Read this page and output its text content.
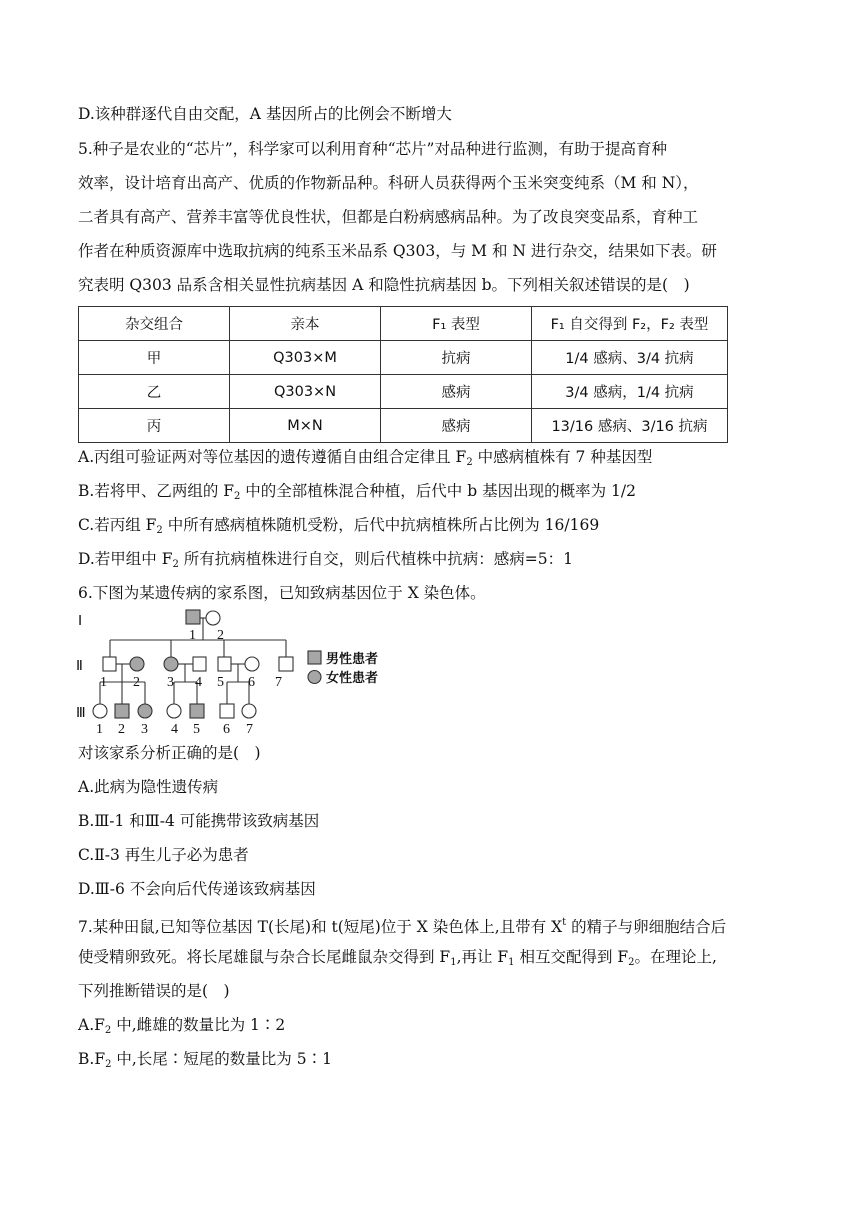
D.该种群逐代自由交配，A 基因所占的比例会不断增大
5.种子是农业的“芯片”，科学家可以利用育种“芯片”对品种进行监测，有助于提高育种
效率，设计培育出高产、优质的作物新品种。科研人员获得两个玉米突变纯系（M 和 N），
二者具有高产、营养丰富等优良性状，但都是白粉病感病品种。为了改良突变品系，育种工
作者在种质资源库中选取抗病的纯系玉米品系 Q303，与 M 和 N 进行杂交，结果如下表。研
究表明 Q303 品系含相关显性抗病基因 A 和隐性抗病基因 b。下列相关叙述错误的是(　)
杂交组合	亲本	F₁ 表型	F₁ 自交得到 F₂，F₂ 表型
甲	Q303×M	抗病	1/4 感病、3/4 抗病
乙	Q303×N	感病	3/4 感病，1/4 抗病
丙	M×N	感病	13/16 感病、3/16 抗病
A.丙组可验证两对等位基因的遗传遵循自由组合定律且 $F_2$ 中感病植株有 7 种基因型
B.若将甲、乙两组的 $F_2$ 中的全部植株混合种植，后代中 b 基因出现的概率为 1/2
C.若丙组 $F_2$ 中所有感病植株随机受粉，后代中抗病植株所占比例为 16/169
D.若甲组中 $F_2$ 所有抗病植株进行自交，则后代植株中抗病：感病=5：1
6.下图为某遗传病的家系图，已知致病基因位于 X 染色体。
Ⅰ
Ⅱ
Ⅲ
1 2
1 2 3 4 5 6 7
1 2 3 4 5 6 7
男性患者
女性患者
对该家系分析正确的是(　)
A.此病为隐性遗传病
B.Ⅲ-1 和Ⅲ-4 可能携带该致病基因
C.Ⅱ-3 再生儿子必为患者
D.Ⅲ-6 不会向后代传递该致病基因
7.某种田鼠,已知等位基因 T(长尾)和 t(短尾)位于 X 染色体上,且带有 $X^t$ 的精子与卵细胞结合后
使受精卵致死。将长尾雄鼠与杂合长尾雌鼠杂交得到 $F_1$,再让 $F_1$ 相互交配得到 $F_2$。在理论上,
下列推断错误的是(　)
$A.F_2$ 中,雌雄的数量比为 1∶2
$B.F_2$ 中,长尾∶短尾的数量比为 5∶1
